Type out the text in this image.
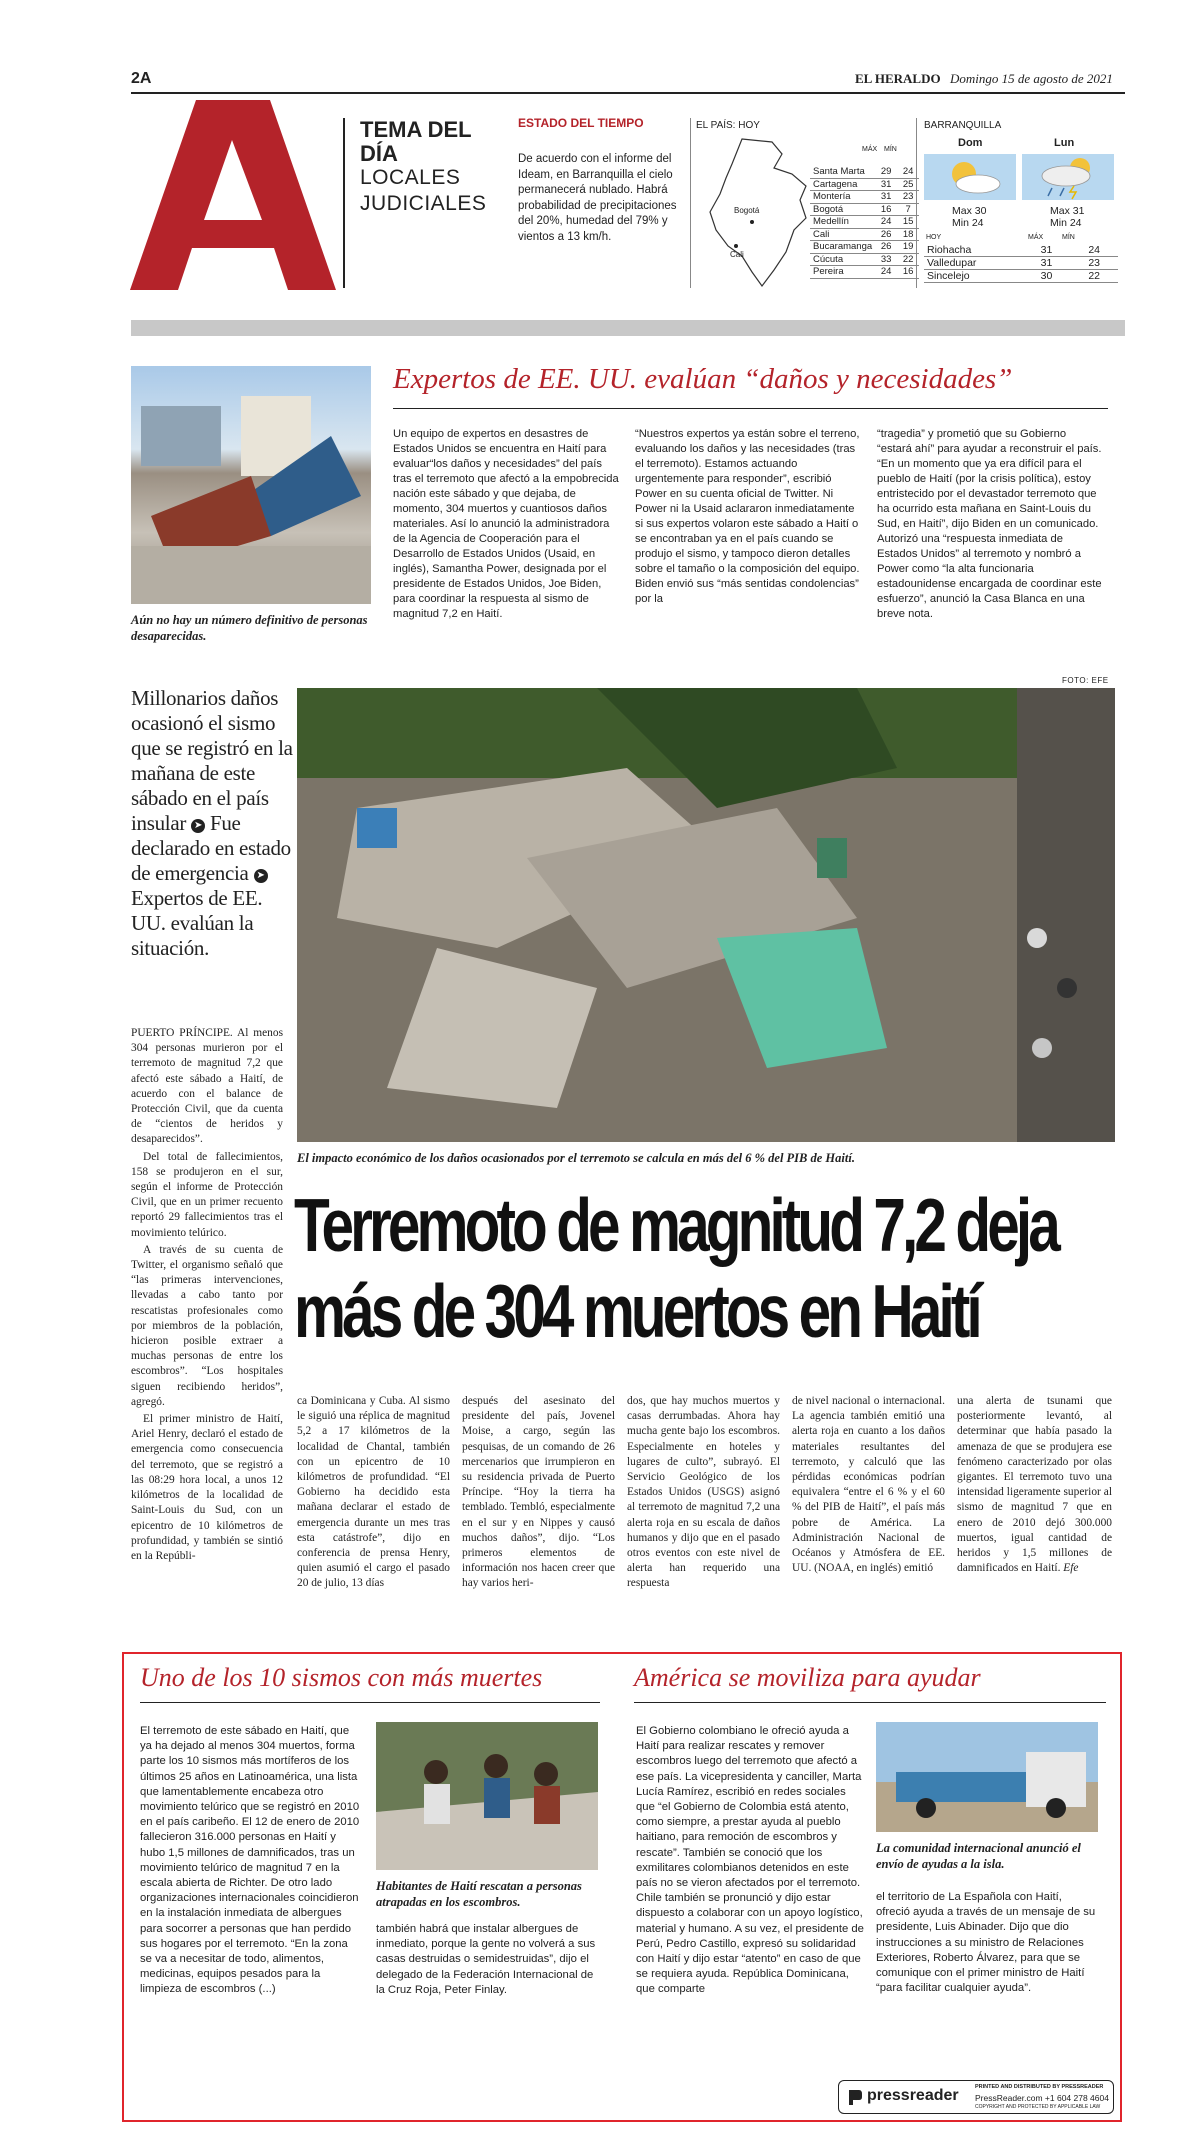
2A	EL HERALDO Domingo 15 de agosto de 2021
TEMA DEL DÍA
LOCALES
JUDICIALES
ESTADO DEL TIEMPO
De acuerdo con el informe del Ideam, en Barranquilla el cielo permanecerá nublado. Habrá probabilidad de precipitaciones del 20%, humedad del 79% y vientos a 13 km/h.
EL PAÍS: HOY
Bogotá
Cali
MÁX MÍN
Santa Marta	29	24
Cartagena	31	25
Montería	31	23
Bogotá	16	7
Medellín	24	15
Cali	26	18
Bucaramanga	26	19
Cúcuta	33	22
Pereira	24	16
BARRANQUILLA
Dom	Lun
Max 30
Min 24
Max 31
Min 24
HOY	MÁX	MÍN
Riohacha	31	24
Valledupar	31	23
Sincelejo	30	22
Aún no hay un número definitivo de personas desaparecidas.
Expertos de EE. UU. evalúan “daños y necesidades”
Un equipo de expertos en desastres de Estados Unidos se encuentra en Haití para evaluar“los daños y necesidades” del país tras el terremoto que afectó a la empobrecida nación este sábado y que dejaba, de momento, 304 muertos y cuantiosos daños materiales. Así lo anunció la administradora de la Agencia de Cooperación para el Desarrollo de Estados Unidos (Usaid, en inglés), Samantha Power, designada por el presidente de Estados Unidos, Joe Biden, para coordinar la respuesta al sismo de magnitud 7,2 en Haití.
“Nuestros expertos ya están sobre el terreno, evaluando los daños y las necesidades (tras el terremoto). Estamos actuando urgentemente para responder”, escribió Power en su cuenta oficial de Twitter. Ni Power ni la Usaid aclararon inmediatamente si sus expertos volaron este sábado a Haití o se encontraban ya en el país cuando se produjo el sismo, y tampoco dieron detalles sobre el tamaño o la composición del equipo. Biden envió sus “más sentidas condolencias” por la
“tragedia” y prometió que su Gobierno “estará ahí” para ayudar a reconstruir el país. “En un momento que ya era difícil para el pueblo de Haití (por la crisis política), estoy entristecido por el devastador terremoto que ha ocurrido esta mañana en Saint-Louis du Sud, en Haití”, dijo Biden en un comunicado. Autorizó una “respuesta inmediata de Estados Unidos” al terremoto y nombró a Power como “la alta funcionaria estadounidense encargada de coordinar este esfuerzo”, anunció la Casa Blanca en una breve nota.
FOTO: EFE
Millonarios daños ocasionó el sismo que se registró en la mañana de este sábado en el país insular ➤ Fue declarado en estado de emergencia ➤ Expertos de EE. UU. evalúan la situación.
El impacto económico de los daños ocasionados por el terremoto se calcula en más del 6 % del PIB de Haití.
Terremoto de magnitud 7,2 deja
más de 304 muertos en Haití

PUERTO PRÍNCIPE. Al menos 304 personas murieron por el terremoto de magnitud 7,2 que afectó este sábado a Haití, de acuerdo con el balance de Protección Civil, que da cuenta de “cientos de heridos y desaparecidos”.

Del total de fallecimientos, 158 se produjeron en el sur, según el informe de Protección Civil, que en un primer recuento reportó 29 fallecimientos tras el movimiento telúrico.

A través de su cuenta de Twitter, el organismo señaló que “las primeras intervenciones, llevadas a cabo tanto por rescatistas profesionales como por miembros de la población, hicieron posible extraer a muchas personas de entre los escombros”. “Los hospitales siguen recibiendo heridos”, agregó.

El primer ministro de Haití, Ariel Henry, declaró el estado de emergencia como consecuencia del terremoto, que se registró a las 08:29 hora local, a unos 12 kilómetros de la localidad de Saint-Louis du Sud, con un epicentro de 10 kilómetros de profundidad, y también se sintió en la Repúbli-

ca Dominicana y Cuba. Al sismo le siguió una réplica de magnitud 5,2 a 17 kilómetros de la localidad de Chantal, también con un epicentro de 10 kilómetros de profundidad. “El Gobierno ha decidido esta mañana declarar el estado de emergencia durante un mes tras esta catástrofe”, dijo en conferencia de prensa Henry, quien asumió el cargo el pasado 20 de julio, 13 días
después del asesinato del presidente del país, Jovenel Moise, a cargo, según las pesquisas, de un comando de 26 mercenarios que irrumpieron en su residencia privada de Puerto Príncipe. “Hoy la tierra ha temblado. Tembló, especialmente en el sur y en Nippes y causó muchos daños”, dijo. “Los primeros elementos de información nos hacen creer que hay varios heri-
dos, que hay muchos muertos y casas derrumbadas. Ahora hay mucha gente bajo los escombros. Especialmente en hoteles y lugares de culto”, subrayó. El Servicio Geológico de los Estados Unidos (USGS) asignó al terremoto de magnitud 7,2 una alerta roja en su escala de daños humanos y dijo que en el pasado otros eventos con este nivel de alerta han requerido una respuesta
de nivel nacional o internacional. La agencia también emitió una alerta roja en cuanto a los daños materiales resultantes del terremoto, y calculó que las pérdidas económicas podrían equivalera “entre el 6 % y el 60 % del PIB de Haití”, el país más pobre de América. La Administración Nacional de Océanos y Atmósfera de EE. UU. (NOAA, en inglés) emitió
una alerta de tsunami que posteriormente levantó, al determinar que había pasado la amenaza de que se produjera ese fenómeno caracterizado por olas gigantes. El terremoto tuvo una intensidad ligeramente superior al sismo de magnitud 7 que en enero de 2010 dejó 300.000 muertos, igual cantidad de heridos y 1,5 millones de damnificados en Haití. Efe
Uno de los 10 sismos con más muertes
El terremoto de este sábado en Haití, que ya ha dejado al menos 304 muertos, forma parte los 10 sismos más mortíferos de los últimos 25 años en Latinoamérica, una lista que lamentablemente encabeza otro movimiento telúrico que se registró en 2010 en el país caribeño. El 12 de enero de 2010 fallecieron 316.000 personas en Haití y hubo 1,5 millones de damnificados, tras un movimiento telúrico de magnitud 7 en la escala abierta de Richter. De otro lado organizaciones internacionales coincidieron en la instalación inmediata de albergues para socorrer a personas que han perdido sus hogares por el terremoto. “En la zona se va a necesitar de todo, alimentos, medicinas, equipos pesados para la limpieza de escombros (...)
Habitantes de Haití rescatan a personas atrapadas en los escombros.
también habrá que instalar albergues de inmediato, porque la gente no volverá a sus casas destruidas o semidestruidas”, dijo el delegado de la Federación Internacional de la Cruz Roja, Peter Finlay.
América se moviliza para ayudar
El Gobierno colombiano le ofreció ayuda a Haití para realizar rescates y remover escombros luego del terremoto que afectó a ese país. La vicepresidenta y canciller, Marta Lucía Ramírez, escribió en redes sociales que “el Gobierno de Colombia está atento, como siempre, a prestar ayuda al pueblo haitiano, para remoción de escombros y rescate”. También se conoció que los exmilitares colombianos detenidos en este país no se vieron afectados por el terremoto. Chile también se pronunció y dijo estar dispuesto a colaborar con un apoyo logístico, material y humano. A su vez, el presidente de Perú, Pedro Castillo, expresó su solidaridad con Haití y dijo estar “atento” en caso de que se requiera ayuda. República Dominicana, que comparte
La comunidad internacional anunció el envío de ayudas a la isla.
el territorio de La Española con Haití, ofreció ayuda a través de un mensaje de su presidente, Luis Abinader. Dijo que dio instrucciones a su ministro de Relaciones Exteriores, Roberto Álvarez, para que se comunique con el primer ministro de Haití “para facilitar cualquier ayuda”.
pressreader	PRINTED AND DISTRIBUTED BY PRESSREADER
PressReader.com +1 604 278 4604
COPYRIGHT AND PROTECTED BY APPLICABLE LAW
